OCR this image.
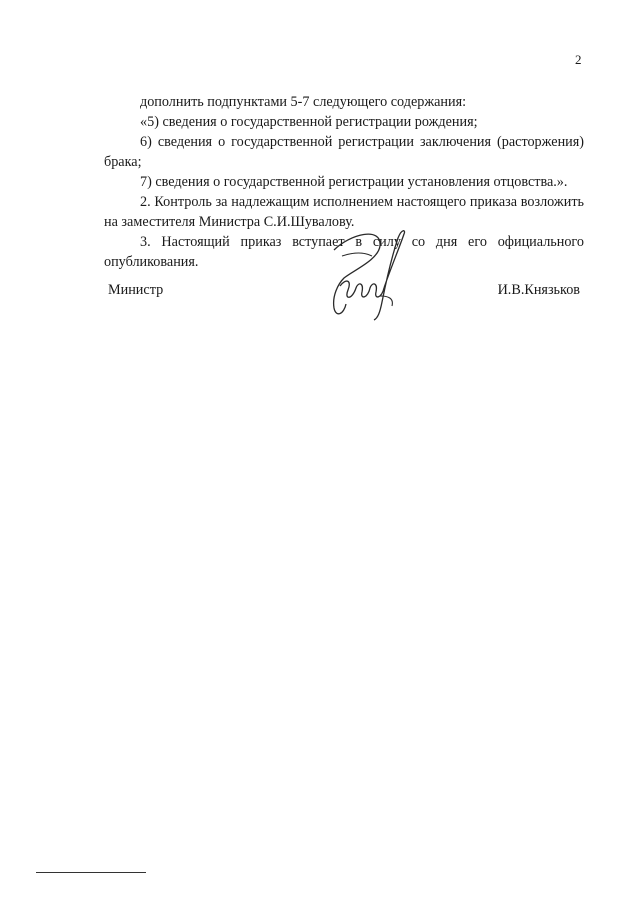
2

дополнить подпунктами 5-7 следующего содержания:

«5) сведения о государственной регистрации рождения;

6) сведения о государственной регистрации заключения (расторжения) брака;

7) сведения о государственной регистрации установления отцовства.».

2. Контроль за надлежащим исполнением настоящего приказа возложить на заместителя Министра С.И.Шувалову.

3. Настоящий приказ вступает в силу со дня его официального опубликования.

Министр	И.В.Князьков
